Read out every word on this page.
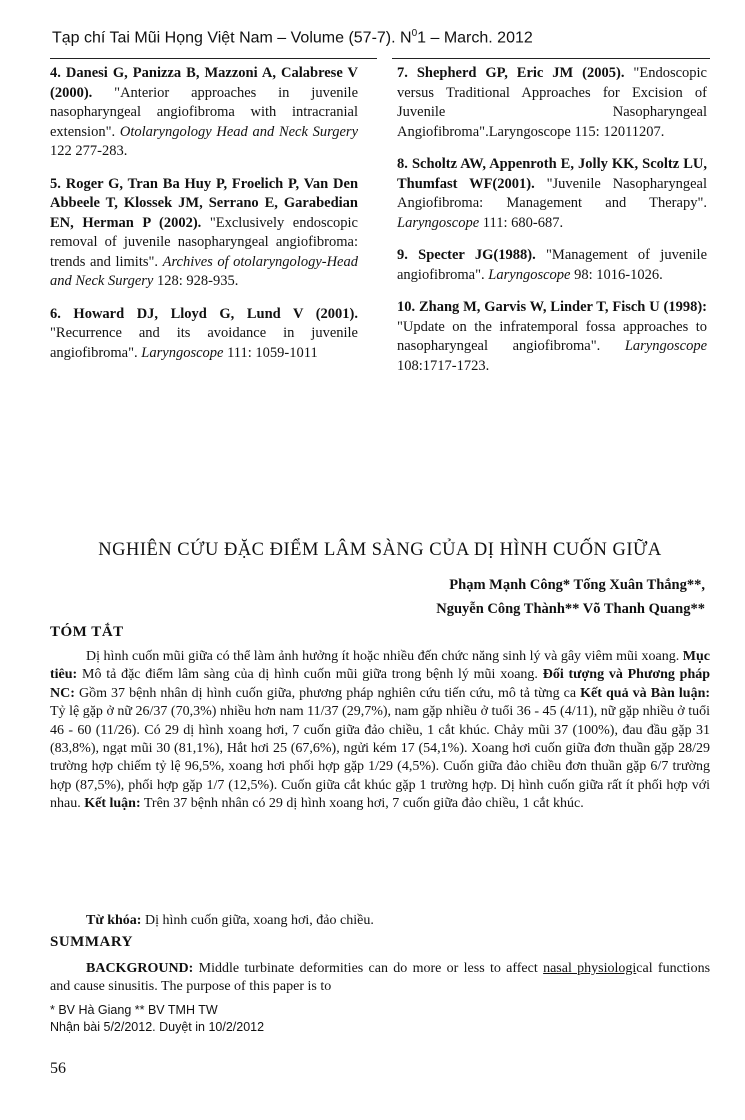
Tạp chí Tai Mũi Họng Việt Nam – Volume (57-7). $N^01$ – March. 2012

4. Danesi G, Panizza B, Mazzoni A, Calabrese V (2000). "Anterior approaches in juvenile nasopharyngeal angiofibroma with intracranial extension". Otolaryngology Head and Neck Surgery 122 277-283.

5. Roger G, Tran Ba Huy P, Froelich P, Van Den Abbeele T, Klossek JM, Serrano E, Garabedian EN, Herman P (2002). "Exclusively endoscopic removal of juvenile nasopharyngeal angiofibroma: trends and limits". Archives of otolaryngology-Head and Neck Surgery 128: 928-935.

6. Howard DJ, Lloyd G, Lund V (2001). "Recurrence and its avoidance in juvenile angiofibroma". Laryngoscope 111: 1059-1011

7. Shepherd GP, Eric JM (2005). "Endoscopic versus Traditional Approaches for Excision of Juvenile Nasopharyngeal Angiofibroma".Laryngoscope 115: 12011207.

8. Scholtz AW, Appenroth E, Jolly KK, Scoltz LU, Thumfast WF(2001). "Juvenile Nasopharyngeal Angiofibroma: Management and Therapy". Laryngoscope 111: 680-687.

9. Specter JG(1988). "Management of juvenile angiofibroma". Laryngoscope 98: 1016-1026.

10. Zhang M, Garvis W, Linder T, Fisch U (1998): "Update on the infratemporal fossa approaches to nasopharyngeal angiofibroma". Laryngoscope 108:1717-1723.

NGHIÊN CỨU ĐẶC ĐIỂM LÂM SÀNG CỦA DỊ HÌNH CUỐN GIỮA
Phạm Mạnh Công* Tống Xuân Thắng**,
Nguyễn Công Thành** Võ Thanh Quang**
TÓM TẮT
Dị hình cuốn mũi giữa có thể làm ảnh hưởng ít hoặc nhiều đến chức năng sinh lý và gây viêm mũi xoang. Mục tiêu: Mô tả đặc điểm lâm sàng của dị hình cuốn mũi giữa trong bệnh lý mũi xoang. Đối tượng và Phương pháp NC: Gồm 37 bệnh nhân dị hình cuốn giữa, phương pháp nghiên cứu tiến cứu, mô tả từng ca Kết quả và Bàn luận: Tỷ lệ gặp ở nữ 26/37 (70,3%) nhiều hơn nam 11/37 (29,7%), nam gặp nhiều ở tuổi 36 - 45 (4/11), nữ gặp nhiều ở tuổi 46 - 60 (11/26). Có 29 dị hình xoang hơi, 7 cuốn giữa đảo chiều, 1 cắt khúc. Chảy mũi 37 (100%), đau đầu gặp 31 (83,8%), ngạt mũi 30 (81,1%), Hắt hơi 25 (67,6%), ngửi kém 17 (54,1%). Xoang hơi cuốn giữa đơn thuần gặp 28/29 trường hợp chiếm tỷ lệ 96,5%, xoang hơi phối hợp gặp 1/29 (4,5%). Cuốn giữa đảo chiều đơn thuần gặp 6/7 trường hợp (87,5%), phối hợp gặp 1/7 (12,5%). Cuốn giữa cắt khúc gặp 1 trường hợp. Dị hình cuốn giữa rất ít phối hợp với nhau. Kết luận: Trên 37 bệnh nhân có 29 dị hình xoang hơi, 7 cuốn giữa đảo chiều, 1 cắt khúc.
Từ khóa: Dị hình cuốn giữa, xoang hơi, đảo chiều.
SUMMARY
BACKGROUND: Middle turbinate deformities can do more or less to affect nasal physiological functions and cause sinusitis. The purpose of this paper is to
* BV Hà Giang ** BV TMH TW
Nhận bài 5/2/2012. Duyệt in 10/2/2012
56
